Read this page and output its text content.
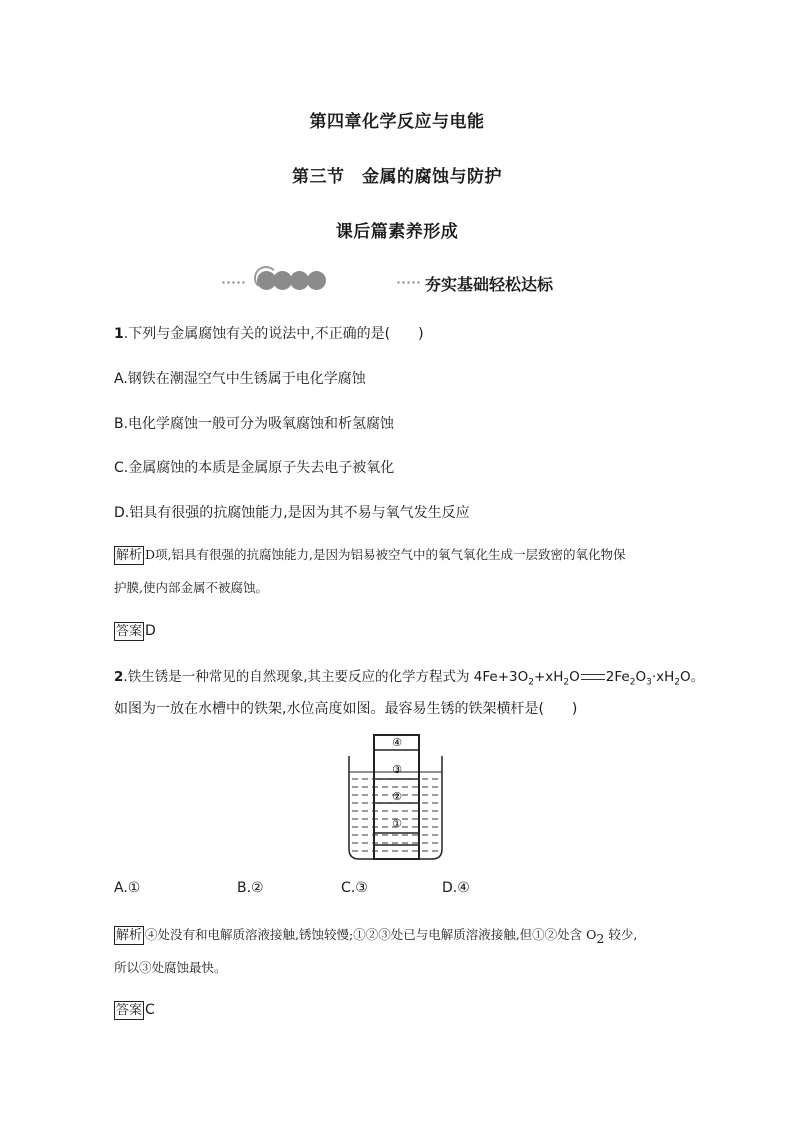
第四章化学反应与电能
第三节　金属的腐蚀与防护
课后篇素养形成
夯实基础轻松达标
1.下列与金属腐蚀有关的说法中,不正确的是(　　)
A.钢铁在潮湿空气中生锈属于电化学腐蚀
B.电化学腐蚀一般可分为吸氧腐蚀和析氢腐蚀
C.金属腐蚀的本质是金属原子失去电子被氧化
D.铝具有很强的抗腐蚀能力,是因为其不易与氧气发生反应
解析 D项,铝具有很强的抗腐蚀能力,是因为铝易被空气中的氧气氧化生成一层致密的氧化物保
护膜,使内部金属不被腐蚀。
答案 D
2.铁生锈是一种常见的自然现象,其主要反应的化学方程式为 $4Fe+3O_2+xH_2O$ $2Fe_2O_3\cdot xH_2O$。
如图为一放在水槽中的铁架,水位高度如图。最容易生锈的铁架横杆是(　　)
④
③
②
①
A.①	B.②	C.③	D.④
解析 ④处没有和电解质溶液接触,锈蚀较慢;①②③处已与电解质溶液接触,但①②处含 $O_2$ 较少,
所以③处腐蚀最快。
答案 C
